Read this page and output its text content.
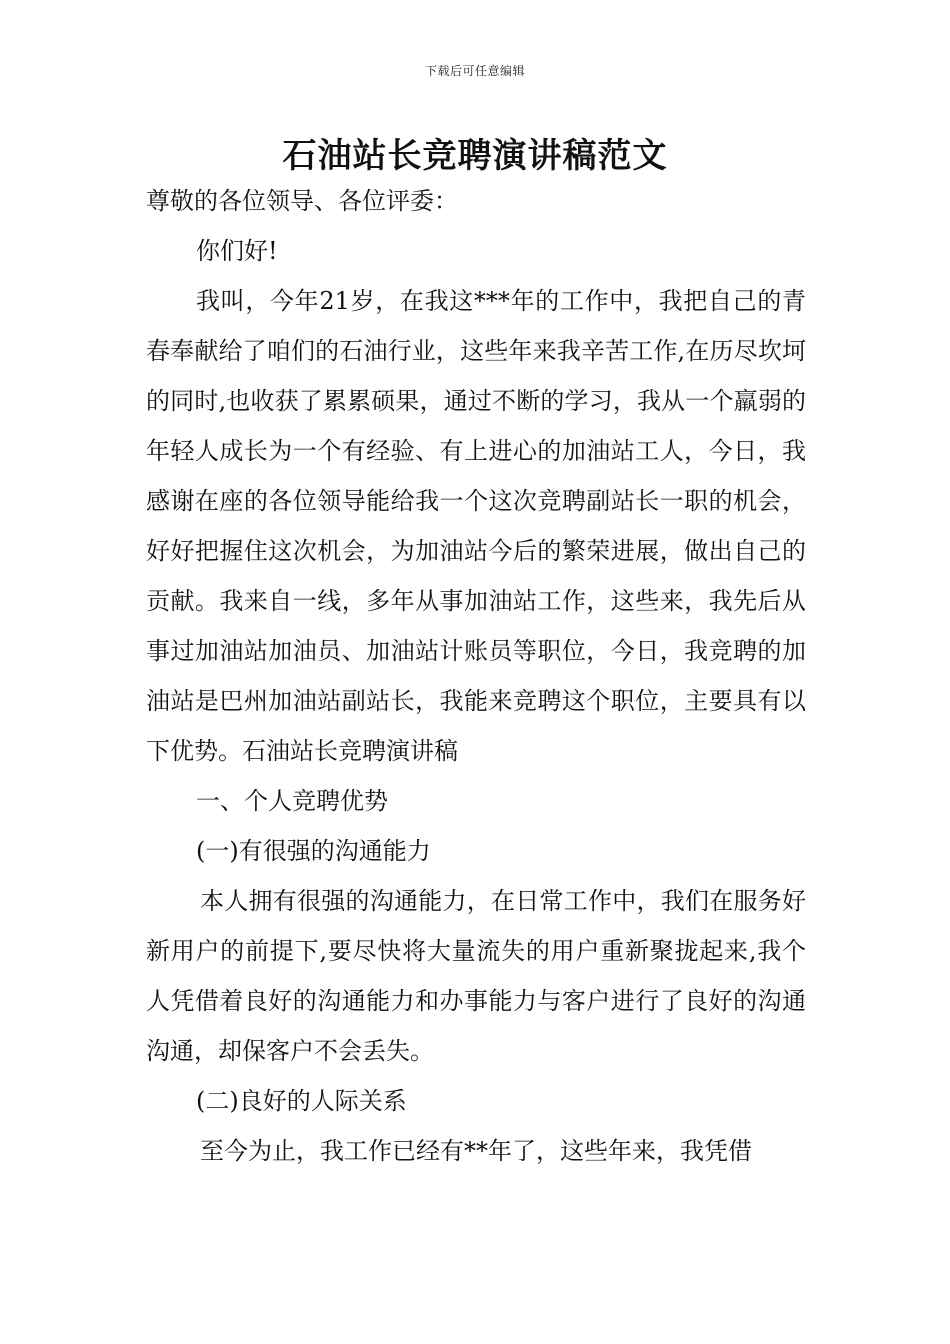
下载后可任意编辑
石油站长竞聘演讲稿范文

尊敬的各位领导、各位评委：

你们好!

我叫，今年21岁，在我这***年的工作中，我把自己的青春奉献给了咱们的石油行业，这些年来我辛苦工作,在历尽坎坷的同时,也收获了累累硕果，通过不断的学习，我从一个羸弱的年轻人成长为一个有经验、有上进心的加油站工人，今日，我感谢在座的各位领导能给我一个这次竞聘副站长一职的机会，好好把握住这次机会，为加油站今后的繁荣进展，做出自己的贡献。我来自一线，多年从事加油站工作，这些来，我先后从事过加油站加油员、加油站计账员等职位，今日，我竞聘的加油站是巴州加油站副站长，我能来竞聘这个职位，主要具有以下优势。石油站长竞聘演讲稿

一、个人竞聘优势

(一)有很强的沟通能力

本人拥有很强的沟通能力，在日常工作中，我们在服务好新用户的前提下,要尽快将大量流失的用户重新聚拢起来,我个人凭借着良好的沟通能力和办事能力与客户进行了良好的沟通沟通，却保客户不会丢失。

(二)良好的人际关系

至今为止，我工作已经有**年了，这些年来，我凭借
